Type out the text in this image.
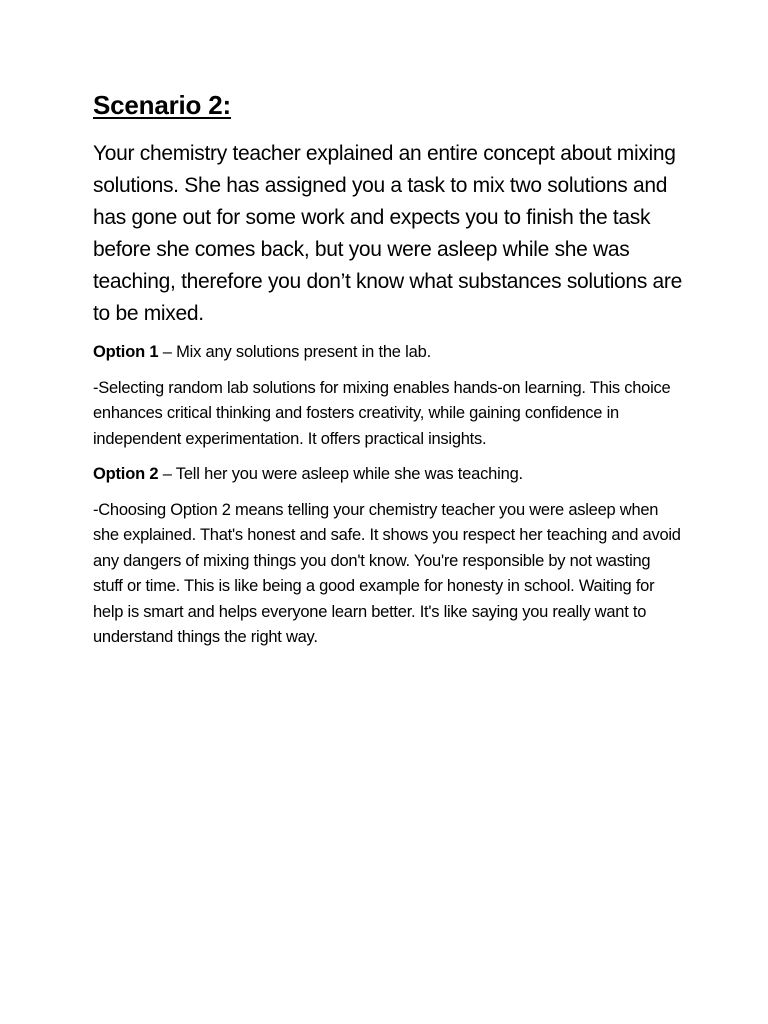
Scenario 2:

Your chemistry teacher explained an entire concept about mixing solutions. She has assigned you a task to mix two solutions and has gone out for some work and expects you to finish the task before she comes back, but you were asleep while she was teaching, therefore you don’t know what substances solutions are to be mixed.

Option 1 – Mix any solutions present in the lab.

-Selecting random lab solutions for mixing enables hands-on learning. This choice enhances critical thinking and fosters creativity, while gaining confidence in independent experimentation. It offers practical insights.

Option 2 – Tell her you were asleep while she was teaching.

-Choosing Option 2 means telling your chemistry teacher you were asleep when she explained. That's honest and safe. It shows you respect her teaching and avoid any dangers of mixing things you don't know. You're responsible by not wasting stuff or time. This is like being a good example for honesty in school. Waiting for help is smart and helps everyone learn better. It's like saying you really want to understand things the right way.
